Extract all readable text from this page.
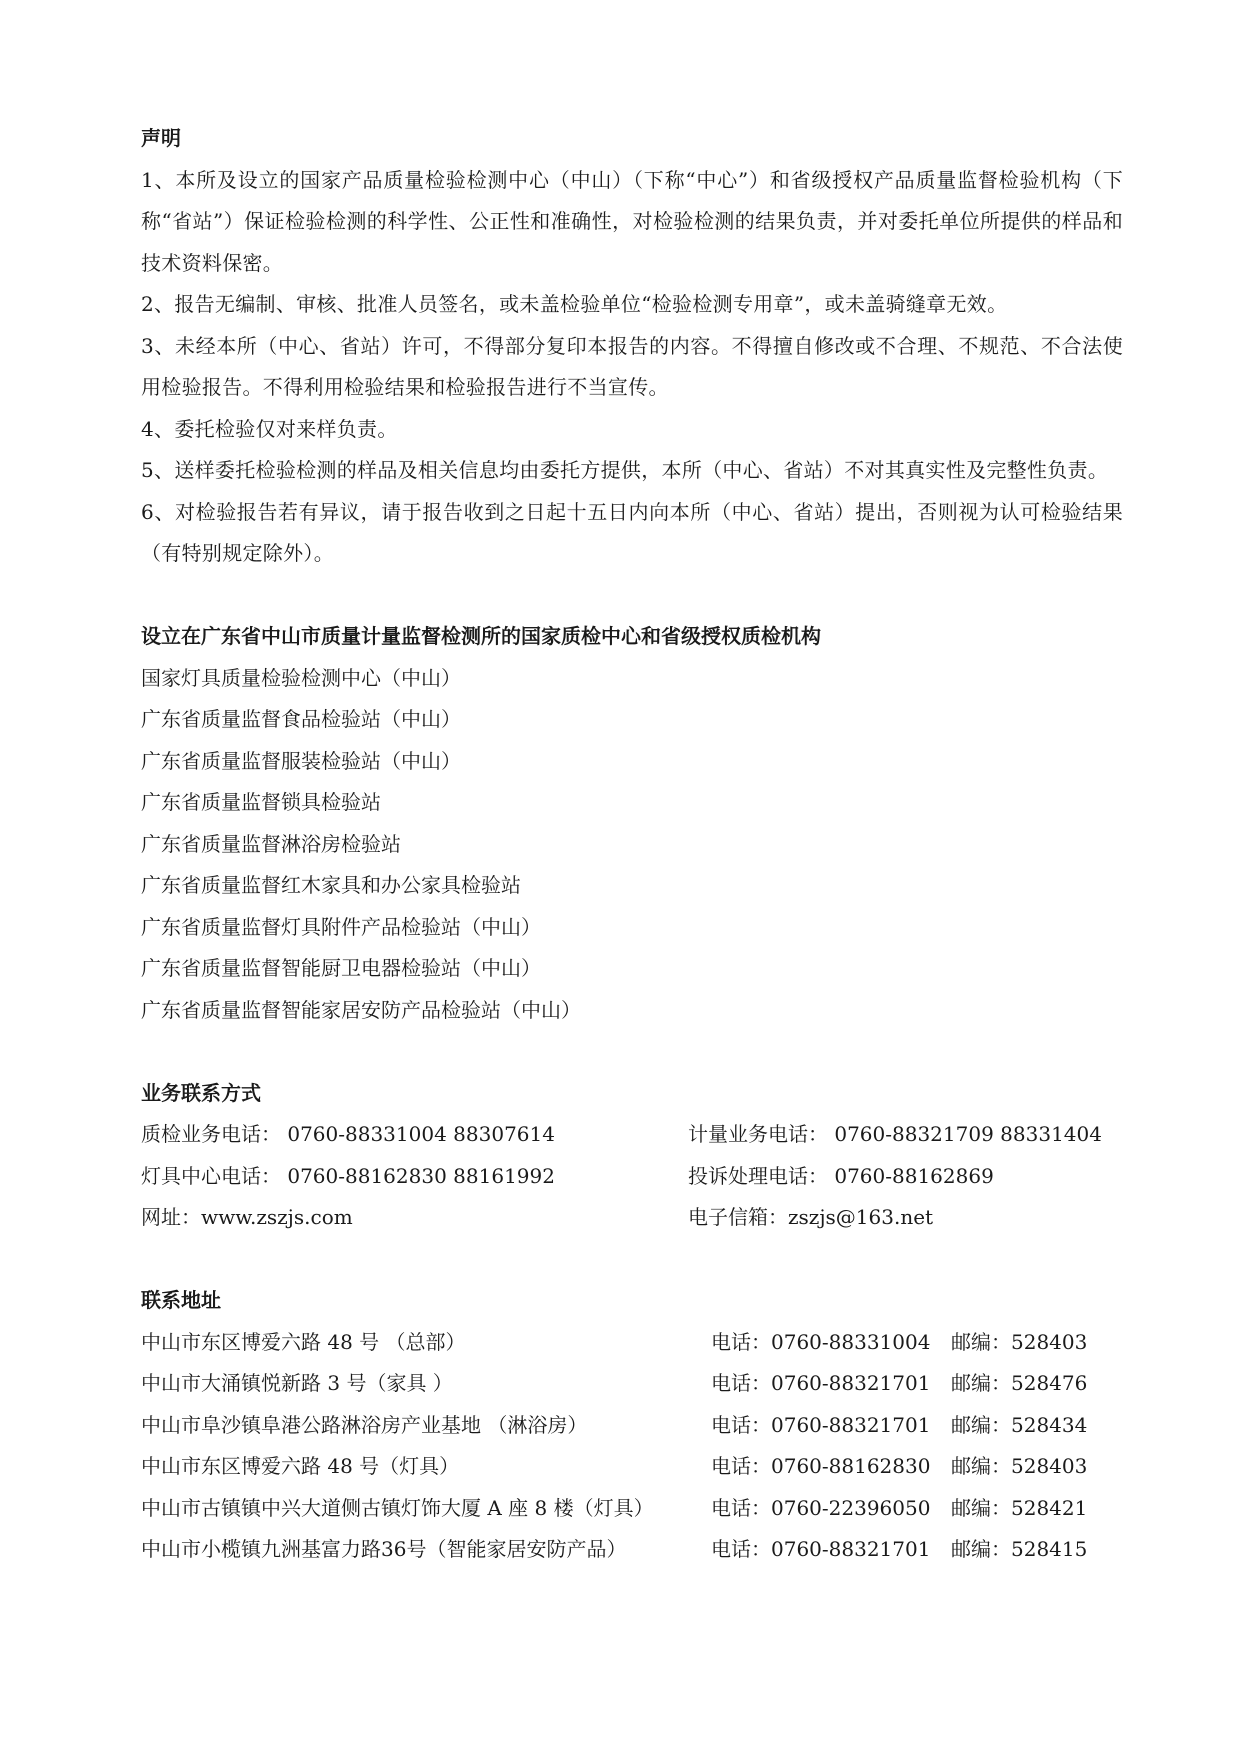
声明

1、本所及设立的国家产品质量检验检测中心（中山）（下称“中心”）和省级授权产品质量监督检验机构（下称“省站”）保证检验检测的科学性、公正性和准确性，对检验检测的结果负责，并对委托单位所提供的样品和技术资料保密。

2、报告无编制、审核、批准人员签名，或未盖检验单位“检验检测专用章”，或未盖骑缝章无效。

3、未经本所（中心、省站）许可，不得部分复印本报告的内容。不得擅自修改或不合理、不规范、不合法使用检验报告。不得利用检验结果和检验报告进行不当宣传。

4、委托检验仅对来样负责。

5、送样委托检验检测的样品及相关信息均由委托方提供，本所（中心、省站）不对其真实性及完整性负责。

6、对检验报告若有异议，请于报告收到之日起十五日内向本所（中心、省站）提出，否则视为认可检验结果（有特别规定除外）。

设立在广东省中山市质量计量监督检测所的国家质检中心和省级授权质检机构

国家灯具质量检验检测中心（中山）

广东省质量监督食品检验站（中山）

广东省质量监督服装检验站（中山）

广东省质量监督锁具检验站

广东省质量监督淋浴房检验站

广东省质量监督红木家具和办公家具检验站

广东省质量监督灯具附件产品检验站（中山）

广东省质量监督智能厨卫电器检验站（中山）

广东省质量监督智能家居安防产品检验站（中山）

业务联系方式
质检业务电话： 0760-88331004 88307614	计量业务电话： 0760-88321709 88331404
灯具中心电话： 0760-88162830 88161992	投诉处理电话： 0760-88162869
网址：www.zszjs.com	电子信箱：zszjs@163.net
联系地址
中山市东区博爱六路 48 号 （总部）	电话：0760-88331004	邮编：528403
中山市大涌镇悦新路 3 号（家具 ）	电话：0760-88321701	邮编：528476
中山市阜沙镇阜港公路淋浴房产业基地 （淋浴房）	电话：0760-88321701	邮编：528434
中山市东区博爱六路 48 号（灯具）	电话：0760-88162830	邮编：528403
中山市古镇镇中兴大道侧古镇灯饰大厦 A 座 8 楼（灯具）	电话：0760-22396050	邮编：528421
中山市小榄镇九洲基富力路36号（智能家居安防产品）	电话：0760-88321701	邮编：528415
